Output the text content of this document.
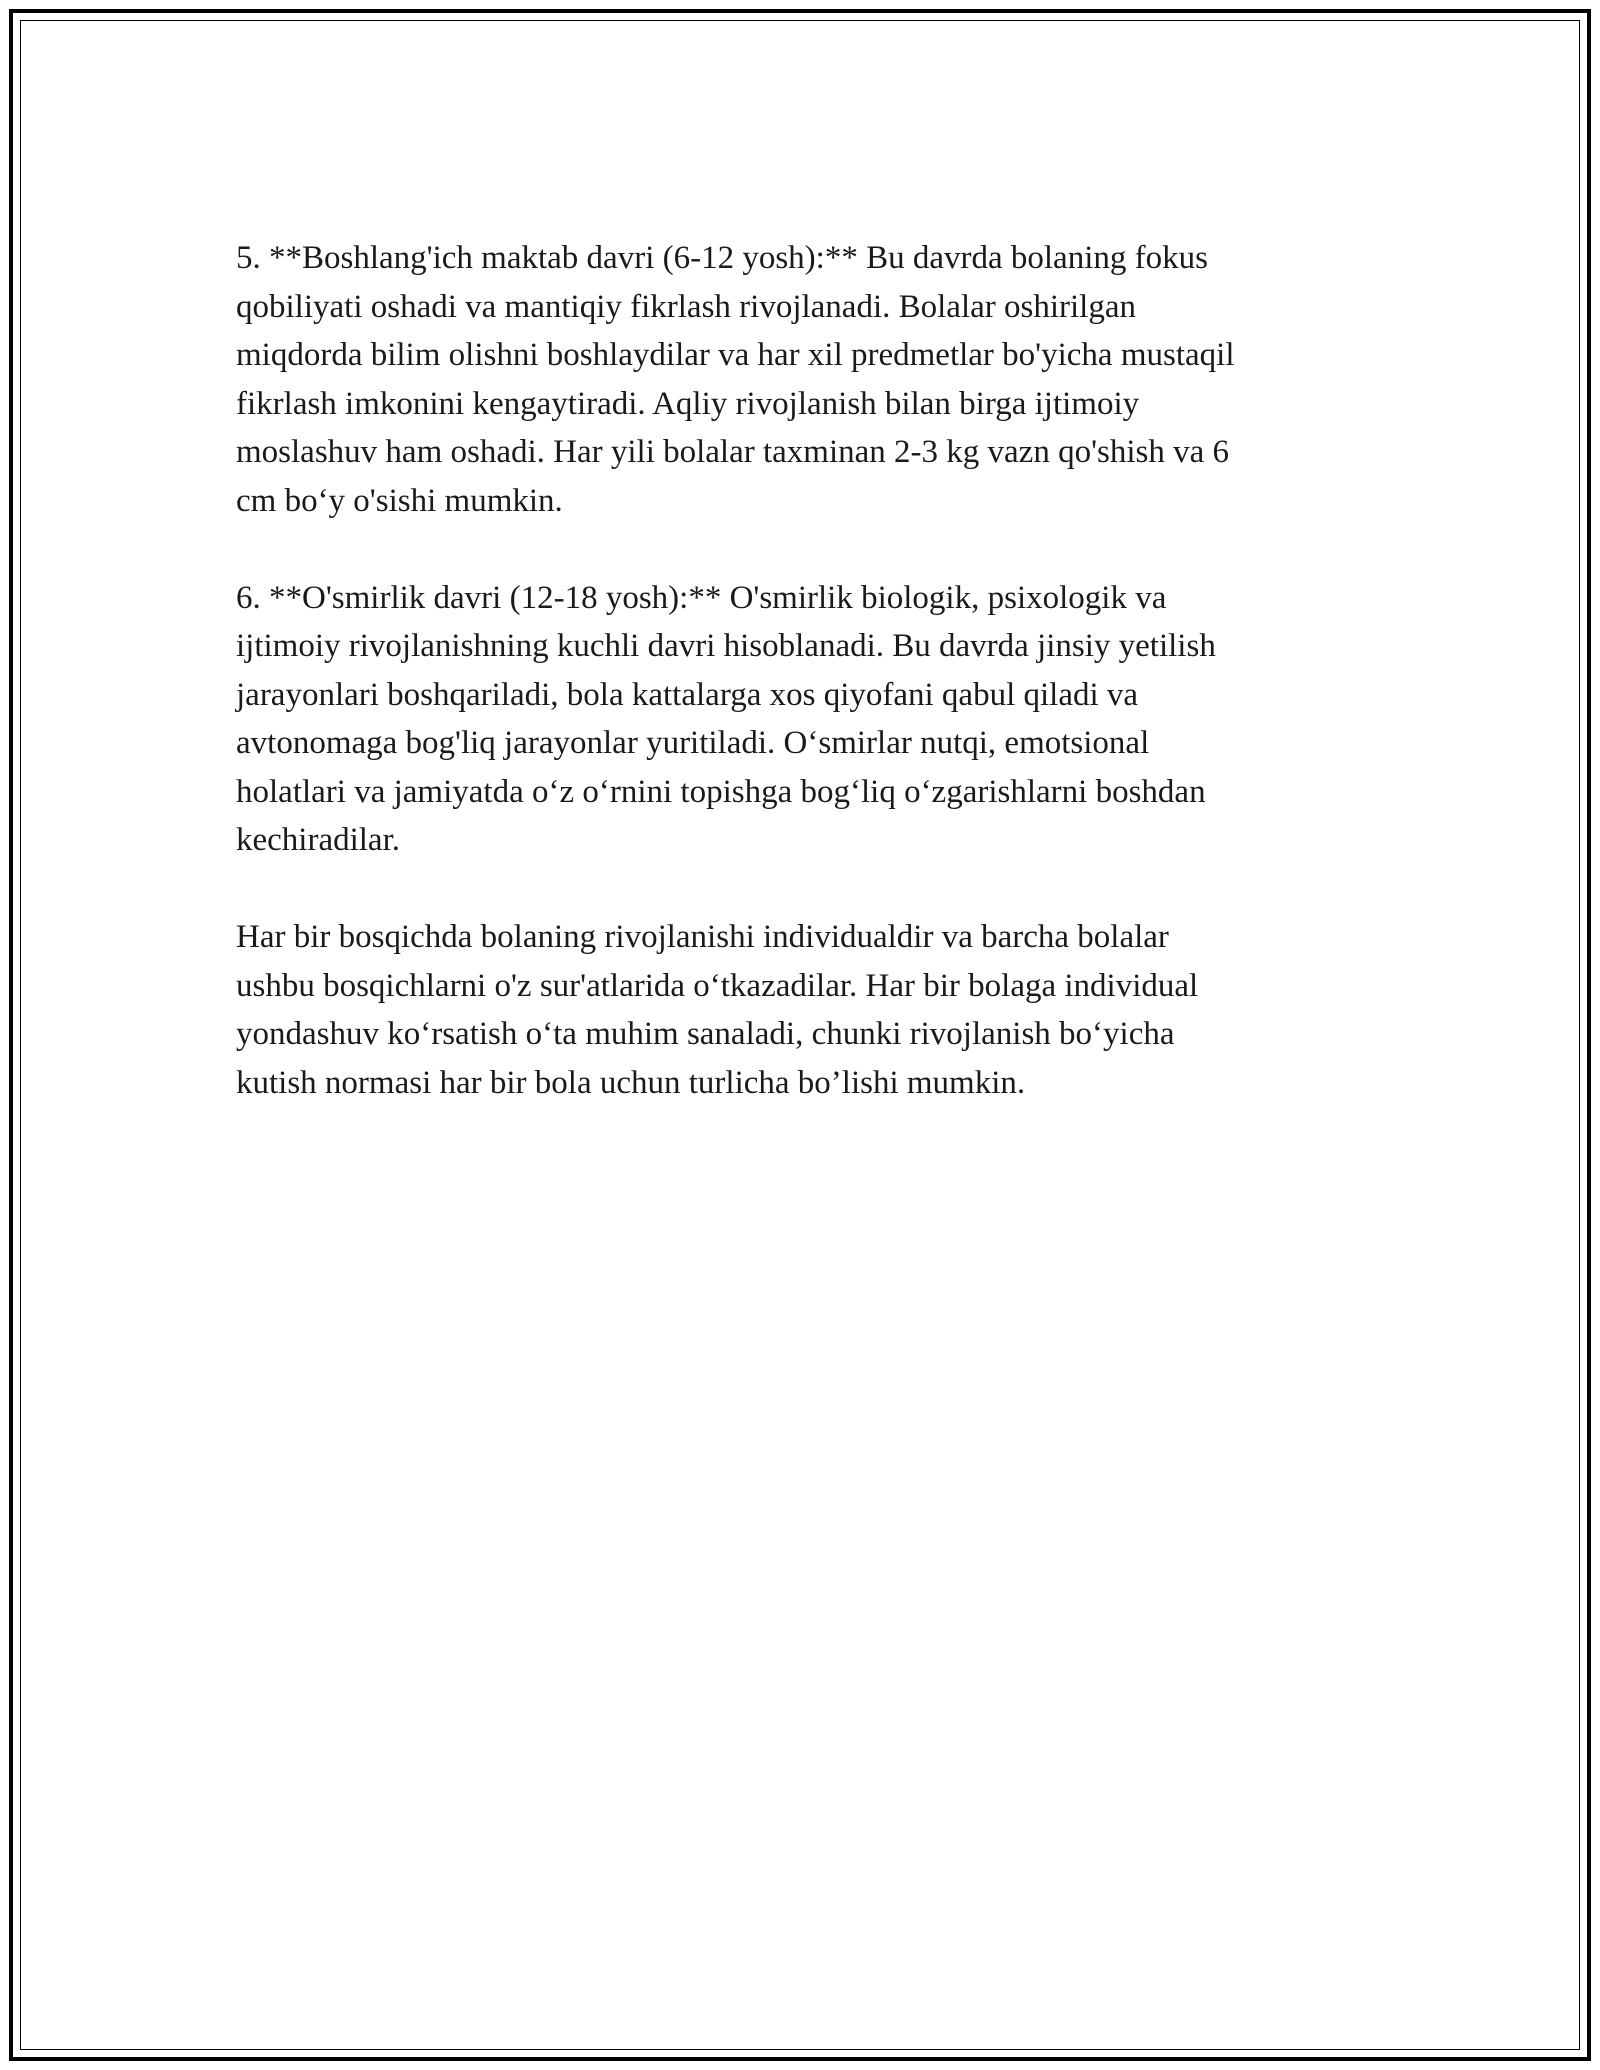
5. **Boshlang'ich maktab davri (6-12 yosh):** Bu davrda bolaning fokus
qobiliyati oshadi va mantiqiy fikrlash rivojlanadi. Bolalar oshirilgan
miqdorda bilim olishni boshlaydilar va har xil predmetlar bo'yicha mustaqil
fikrlash imkonini kengaytiradi. Aqliy rivojlanish bilan birga ijtimoiy
moslashuv ham oshadi. Har yili bolalar taxminan 2-3 kg vazn qo'shish va 6
cm bo‘y o'sishi mumkin.

6. **O'smirlik davri (12-18 yosh):** O'smirlik biologik, psixologik va
ijtimoiy rivojlanishning kuchli davri hisoblanadi. Bu davrda jinsiy yetilish
jarayonlari boshqariladi, bola kattalarga xos qiyofani qabul qiladi va
avtonomaga bog'liq jarayonlar yuritiladi. O‘smirlar nutqi, emotsional
holatlari va jamiyatda o‘z o‘rnini topishga bog‘liq o‘zgarishlarni boshdan
kechiradilar.

Har bir bosqichda bolaning rivojlanishi individualdir va barcha bolalar
ushbu bosqichlarni o'z sur'atlarida o‘tkazadilar. Har bir bolaga individual
yondashuv ko‘rsatish o‘ta muhim sanaladi, chunki rivojlanish bo‘yicha
kutish normasi har bir bola uchun turlicha bo’lishi mumkin.
